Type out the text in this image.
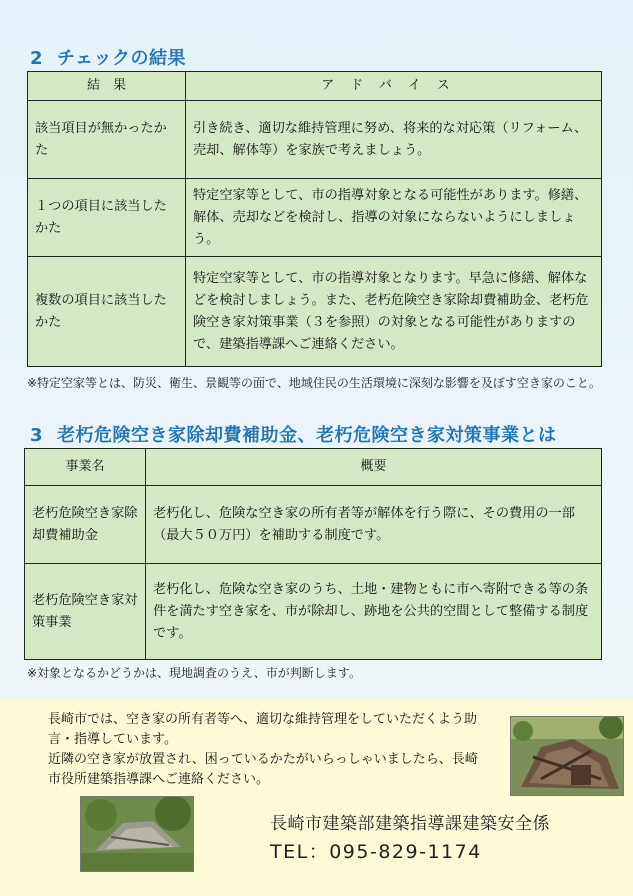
2 チェックの結果
結　果	アドバイス
該当項目が無かったかた	引き続き、適切な維持管理に努め、将来的な対応策（リフォーム、売却、解体等）を家族で考えましょう。
１つの項目に該当したかた	特定空家等として、市の指導対象となる可能性があります。修繕、解体、売却などを検討し、指導の対象にならないようにしましょう。
複数の項目に該当したかた	特定空家等として、市の指導対象となります。早急に修繕、解体などを検討しましょう。また、老朽危険空き家除却費補助金、老朽危険空き家対策事業（３を参照）の対象となる可能性がありますので、建築指導課へご連絡ください。

※特定空家等とは、防災、衛生、景観等の面で、地域住民の生活環境に深刻な影響を及ぼす空き家のこと。

3 老朽危険空き家除却費補助金、老朽危険空き家対策事業とは
事業名	概要
老朽危険空き家除却費補助金	老朽化し、危険な空き家の所有者等が解体を行う際に、その費用の一部（最大５０万円）を補助する制度です。
老朽危険空き家対策事業	老朽化し、危険な空き家のうち、土地・建物ともに市へ寄附できる等の条件を満たす空き家を、市が除却し、跡地を公共的空間として整備する制度です。

※対象となるかどうかは、現地調査のうえ、市が判断します。

長崎市では、空き家の所有者等へ、適切な維持管理をしていただくよう助言・指導しています。

近隣の空き家が放置され、困っているかたがいらっしゃいましたら、長崎市役所建築指導課へご連絡ください。

長崎市建築部建築指導課建築安全係
TEL：095-829-1174
